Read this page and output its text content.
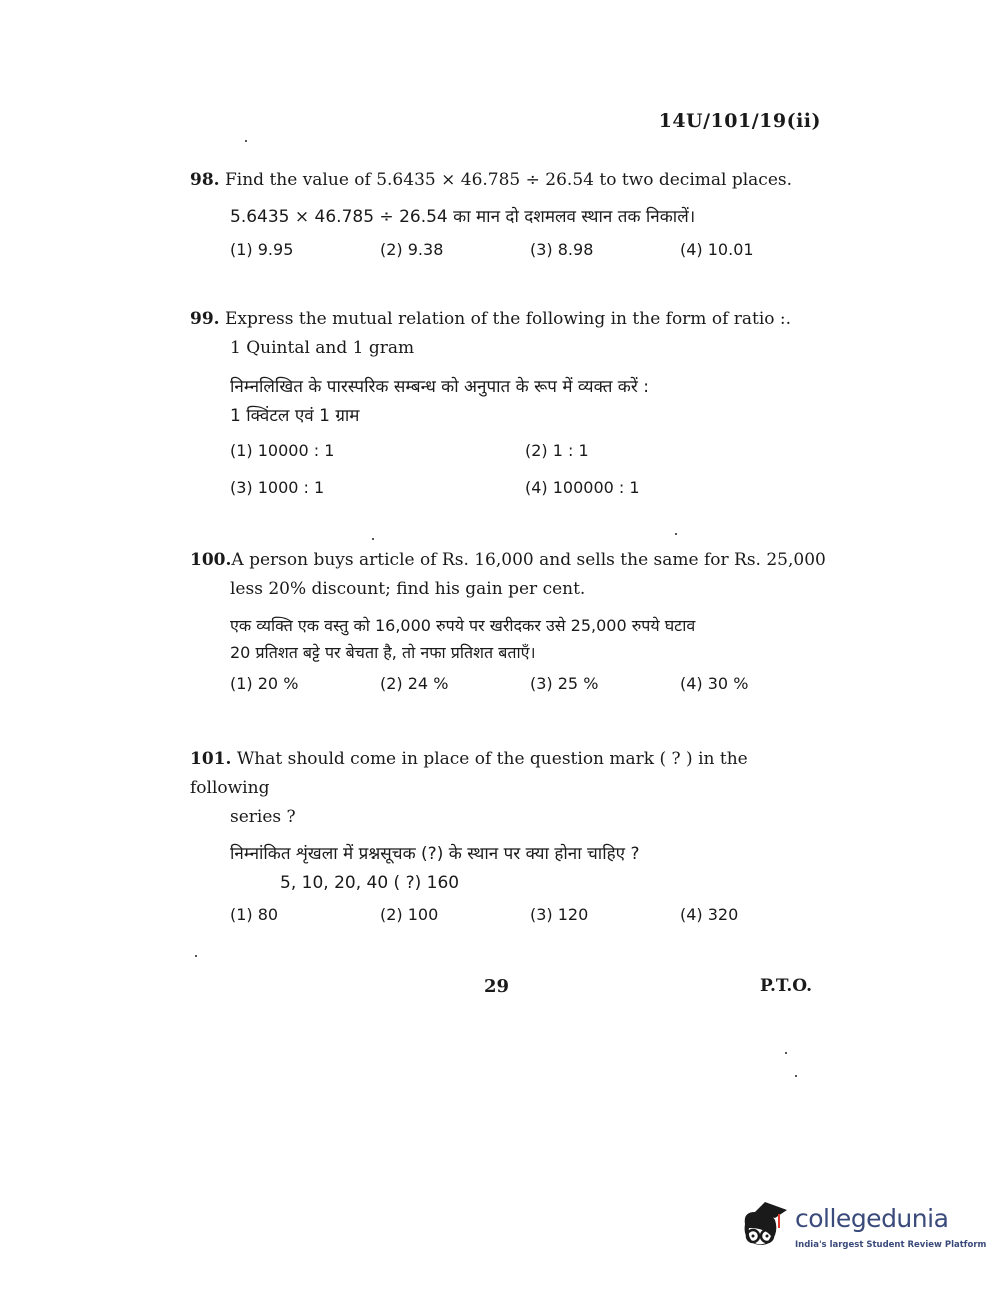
14U/101/19(ii)
98. Find the value of 5.6435 × 46.785 ÷ 26.54 to two decimal places.
5.6435 × 46.785 ÷ 26.54 का मान दो दशमलव स्थान तक निकालें।
(1) 9.95	(2) 9.38	(3) 8.98	(4) 10.01
99. Express the mutual relation of the following in the form of ratio :.
1 Quintal and 1 gram
निम्नलिखित के पारस्परिक सम्बन्ध को अनुपात के रूप में व्यक्त करें :
1 क्विंटल एवं 1 ग्राम
(1) 10000 : 1	(2) 1 : 1
(3) 1000 : 1	(4) 100000 : 1
100.A person buys article of Rs. 16,000 and sells the same for Rs. 25,000
less 20% discount; find his gain per cent.
एक व्यक्ति एक वस्तु को 16,000 रुपये पर खरीदकर उसे 25,000 रुपये घटाव
20 प्रतिशत बट्टे पर बेचता है, तो नफा प्रतिशत बताएँ।
(1) 20 %	(2) 24 %	(3) 25 %	(4) 30 %
101. What should come in place of the question mark ( ? ) in the following
series ?
निम्नांकित शृंखला में प्रश्नसूचक (?) के स्थान पर क्या होना चाहिए ?
5, 10, 20, 40 ( ?) 160
(1) 80	(2) 100	(3) 120	(4) 320
29	P.T.O.
collegedunia
India's largest Student Review Platform
